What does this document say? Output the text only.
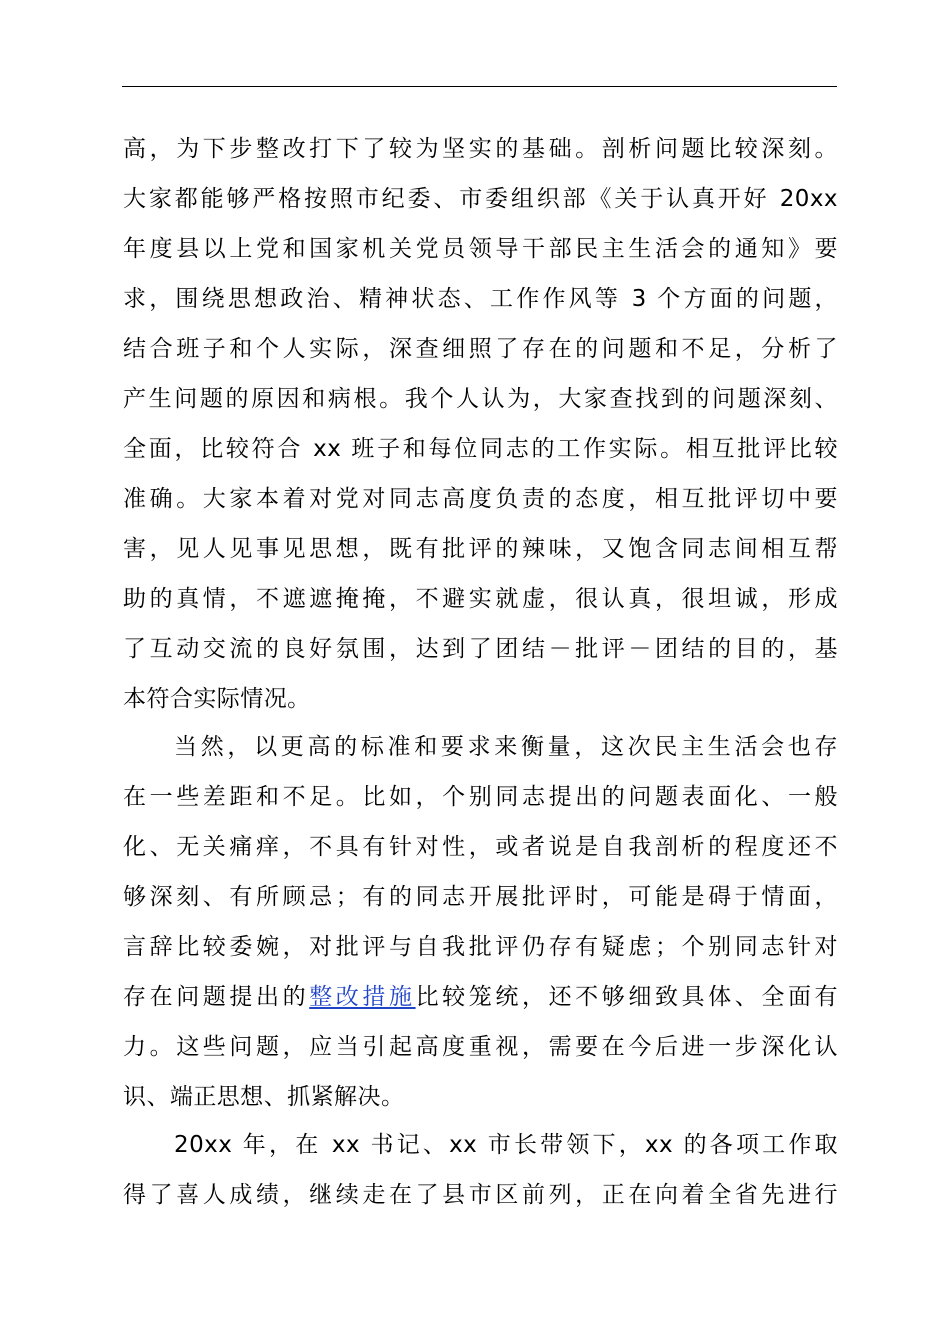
高，为下步整改打下了较为坚实的基础。剖析问题比较深刻。
大家都能够严格按照市纪委、市委组织部《关于认真开好 20xx
年度县以上党和国家机关党员领导干部民主生活会的通知》要
求，围绕思想政治、精神状态、工作作风等 3 个方面的问题，
结合班子和个人实际，深查细照了存在的问题和不足，分析了
产生问题的原因和病根。我个人认为，大家查找到的问题深刻、
全面，比较符合 xx 班子和每位同志的工作实际。相互批评比较
准确。大家本着对党对同志高度负责的态度，相互批评切中要
害，见人见事见思想，既有批评的辣味，又饱含同志间相互帮
助的真情，不遮遮掩掩，不避实就虚，很认真，很坦诚，形成
了互动交流的良好氛围，达到了团结－批评－团结的目的，基
本符合实际情况。
当然，以更高的标准和要求来衡量，这次民主生活会也存
在一些差距和不足。比如，个别同志提出的问题表面化、一般
化、无关痛痒，不具有针对性，或者说是自我剖析的程度还不
够深刻、有所顾忌；有的同志开展批评时，可能是碍于情面，
言辞比较委婉，对批评与自我批评仍存有疑虑；个别同志针对
存在问题提出的整改措施比较笼统，还不够细致具体、全面有
力。这些问题，应当引起高度重视，需要在今后进一步深化认
识、端正思想、抓紧解决。
20xx 年，在 xx 书记、xx 市长带领下，xx 的各项工作取
得了喜人成绩，继续走在了县市区前列，正在向着全省先进行
